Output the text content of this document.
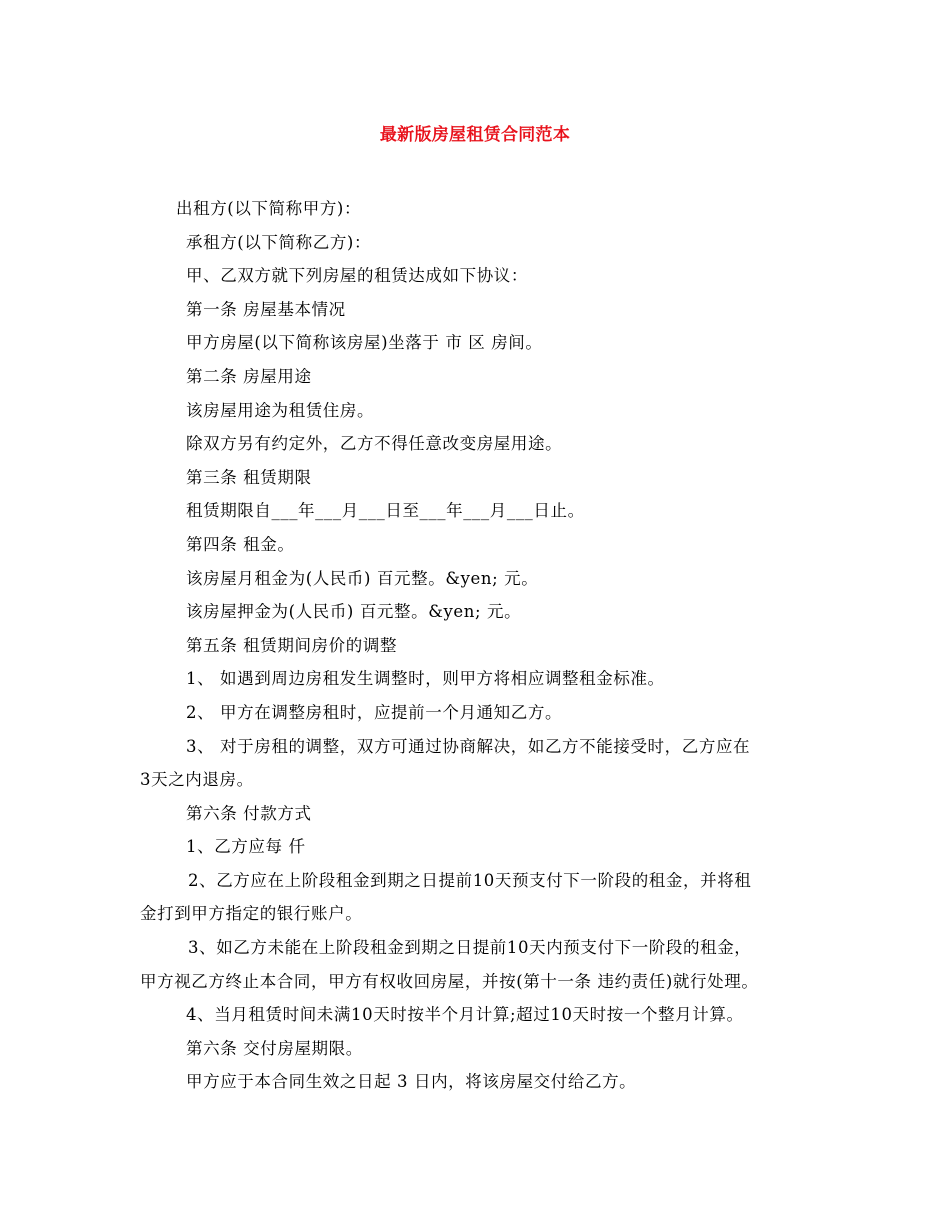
最新版房屋租赁合同范本
出租方(以下简称甲方)：
承租方(以下简称乙方)：
甲、乙双方就下列房屋的租赁达成如下协议：
第一条 房屋基本情况
甲方房屋(以下简称该房屋)坐落于 市 区 房间。
第二条 房屋用途
该房屋用途为租赁住房。
除双方另有约定外，乙方不得任意改变房屋用途。
第三条 租赁期限
租赁期限自___年___月___日至___年___月___日止。
第四条 租金。
该房屋月租金为(人民币) 百元整。&yen; 元。
该房屋押金为(人民币) 百元整。&yen; 元。
第五条 租赁期间房价的调整
1、 如遇到周边房租发生调整时，则甲方将相应调整租金标准。
2、 甲方在调整房租时，应提前一个月通知乙方。
3、 对于房租的调整，双方可通过协商解决，如乙方不能接受时，乙方应在
3天之内退房。
第六条 付款方式
1、乙方应每 仟
2、乙方应在上阶段租金到期之日提前10天预支付下一阶段的租金，并将租
金打到甲方指定的银行账户。
3、如乙方未能在上阶段租金到期之日提前10天内预支付下一阶段的租金，
甲方视乙方终止本合同，甲方有权收回房屋，并按(第十一条 违约责任)就行处理。
4、当月租赁时间未满10天时按半个月计算;超过10天时按一个整月计算。
第六条 交付房屋期限。
甲方应于本合同生效之日起 3 日内，将该房屋交付给乙方。
